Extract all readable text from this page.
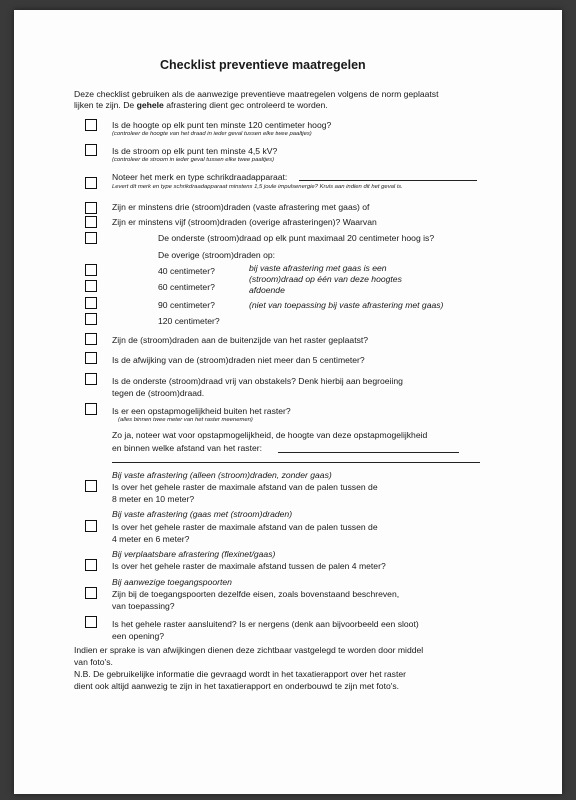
Checklist preventieve maatregelen
Deze checklist gebruiken als de aanwezige preventieve maatregelen volgens de norm geplaatst
lijken te zijn. De gehele afrastering dient gec ontroleerd te worden.
Is de hoogte op elk punt ten minste 120 centimeter hoog?
(controleer de hoogte van het draad in ieder geval tussen elke twee paaltjes)
Is de stroom op elk punt ten minste 4,5 kV?
(controleer de stroom in ieder geval tussen elke twee paaltjes)
Noteer het merk en type schrikdraadapparaat:
Levert dit merk en type schrikdraadapparaat minstens 1,5 joule impulsenergie? Kruis aan indien dit het geval is.
Zijn er minstens drie (stroom)draden (vaste afrastering met gaas) of
Zijn er minstens vijf (stroom)draden (overige afrasteringen)? Waarvan
De onderste (stroom)draad op elk punt maximaal 20 centimeter hoog is?
De overige (stroom)draden op:
40 centimeter?	bij vaste afrastering met gaas is een
(stroom)draad op één van deze hoogtes
afdoende
60 centimeter?
90 centimeter?	(niet van toepassing bij vaste afrastering met gaas)
120 centimeter?
Zijn de (stroom)draden aan de buitenzijde van het raster geplaatst?
Is de afwijking van de (stroom)draden niet meer dan 5 centimeter?
Is de onderste (stroom)draad vrij van obstakels? Denk hierbij aan begroeiing
tegen de (stroom)draad.
Is er een opstapmogelijkheid buiten het raster?
(alles binnen twee meter van het raster meenemen)
Zo ja, noteer wat voor opstapmogelijkheid, de hoogte van deze opstapmogelijkheid
en binnen welke afstand van het raster:
Bij vaste afrastering (alleen (stroom)draden, zonder gaas)
Is over het gehele raster de maximale afstand van de palen tussen de
8 meter en 10 meter?
Bij vaste afrastering (gaas met (stroom)draden)
Is over het gehele raster de maximale afstand van de palen tussen de
4 meter en 6 meter?
Bij verplaatsbare afrastering (flexinet/gaas)
Is over het gehele raster de maximale afstand tussen de palen 4 meter?
Bij aanwezige toegangspoorten
Zijn bij de toegangspoorten dezelfde eisen, zoals bovenstaand beschreven,
van toepassing?
Is het gehele raster aansluitend? Is er nergens (denk aan bijvoorbeeld een sloot)
een opening?
Indien er sprake is van afwijkingen dienen deze zichtbaar vastgelegd te worden door middel
van foto's.
N.B. De gebruikelijke informatie die gevraagd wordt in het taxatierapport over het raster
dient ook altijd aanwezig te zijn in het taxatierapport en onderbouwd te zijn met foto's.
